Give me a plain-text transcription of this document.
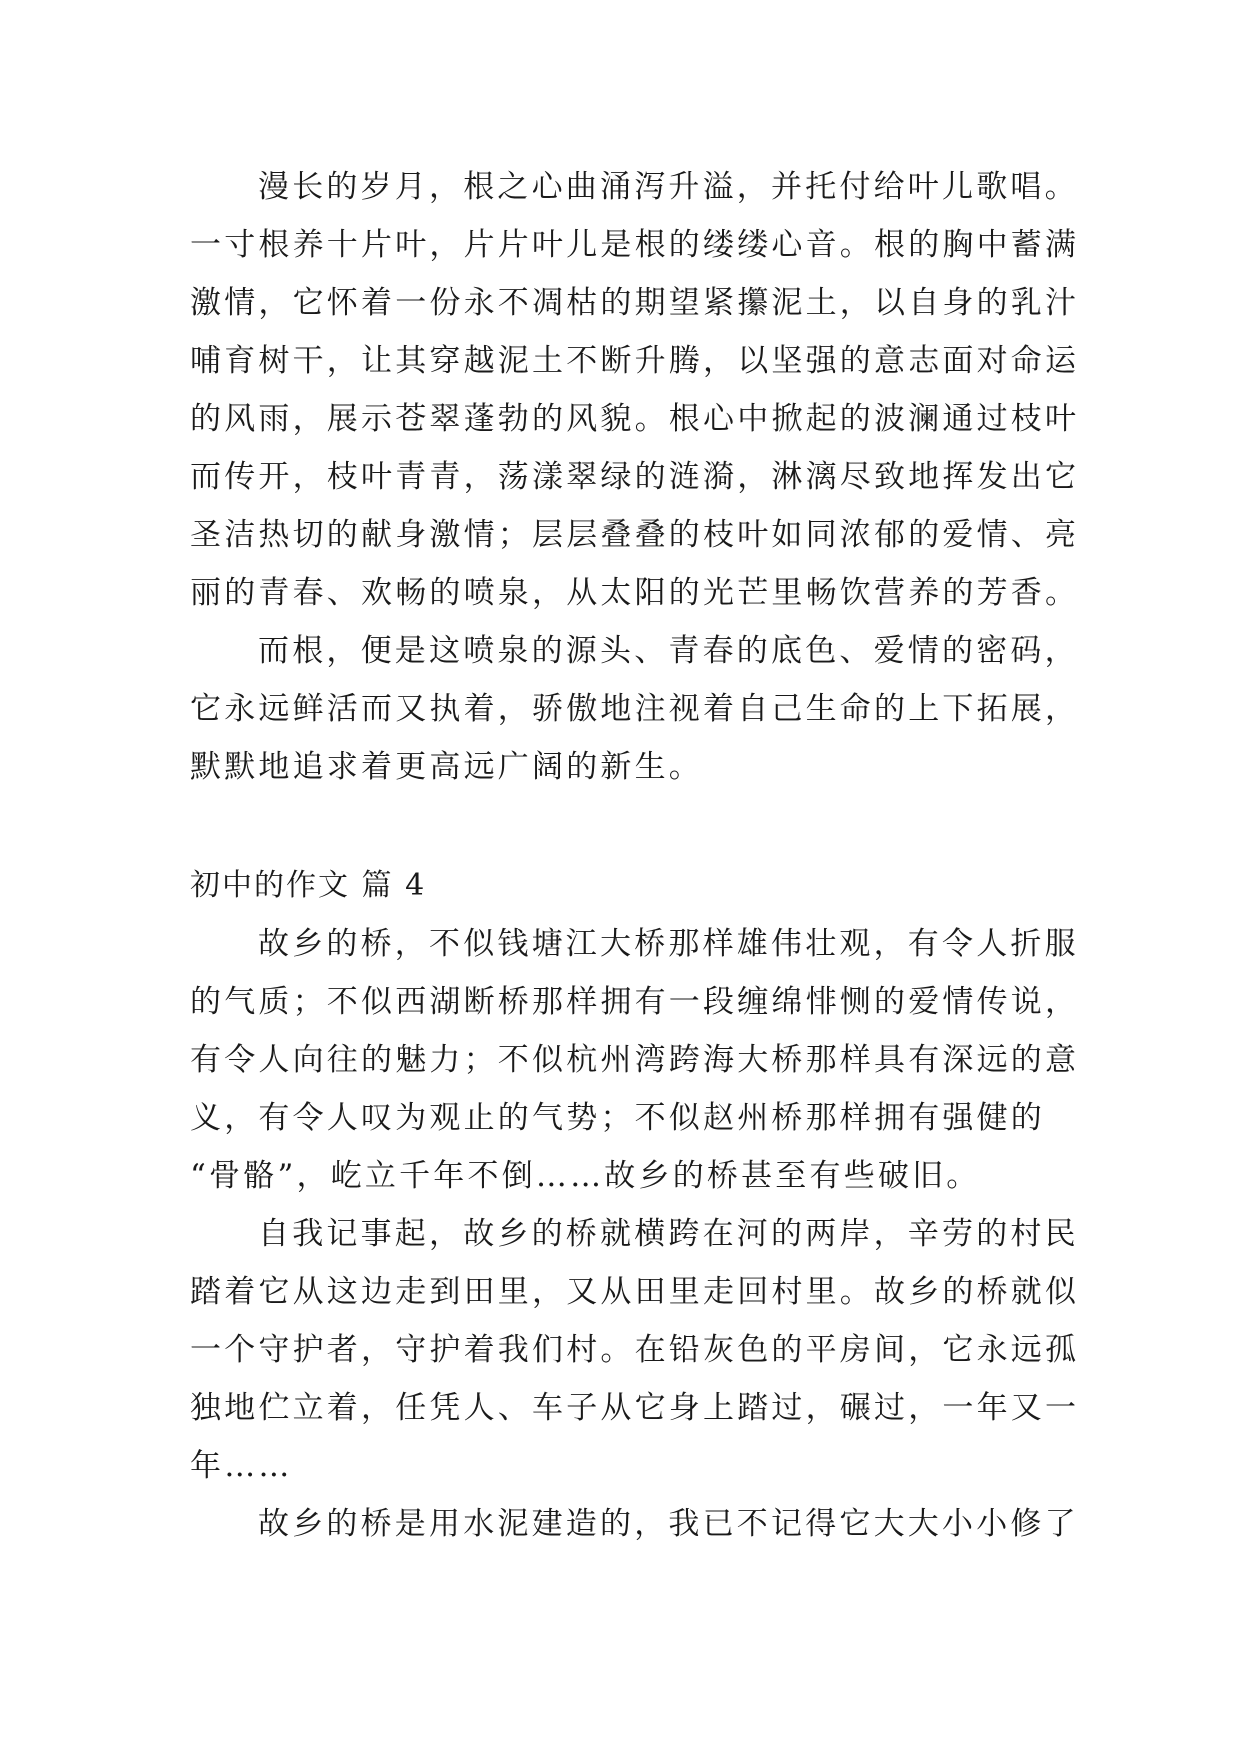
漫长的岁月，根之心曲涌泻升溢，并托付给叶儿歌唱。
一寸根养十片叶，片片叶儿是根的缕缕心音。根的胸中蓄满
激情，它怀着一份永不凋枯的期望紧攥泥土，以自身的乳汁
哺育树干，让其穿越泥土不断升腾，以坚强的意志面对命运
的风雨，展示苍翠蓬勃的风貌。根心中掀起的波澜通过枝叶
而传开，枝叶青青，荡漾翠绿的涟漪，淋漓尽致地挥发出它
圣洁热切的献身激情；层层叠叠的枝叶如同浓郁的爱情、亮
丽的青春、欢畅的喷泉，从太阳的光芒里畅饮营养的芳香。
而根，便是这喷泉的源头、青春的底色、爱情的密码，
它永远鲜活而又执着，骄傲地注视着自己生命的上下拓展，
默默地追求着更高远广阔的新生。
初中的作文 篇 4
故乡的桥，不似钱塘江大桥那样雄伟壮观，有令人折服
的气质；不似西湖断桥那样拥有一段缠绵悱恻的爱情传说，
有令人向往的魅力；不似杭州湾跨海大桥那样具有深远的意
义，有令人叹为观止的气势；不似赵州桥那样拥有强健的
“骨骼”，屹立千年不倒……故乡的桥甚至有些破旧。
自我记事起，故乡的桥就横跨在河的两岸，辛劳的村民
踏着它从这边走到田里，又从田里走回村里。故乡的桥就似
一个守护者，守护着我们村。在铅灰色的平房间，它永远孤
独地伫立着，任凭人、车子从它身上踏过，碾过，一年又一
年……
故乡的桥是用水泥建造的，我已不记得它大大小小修了
